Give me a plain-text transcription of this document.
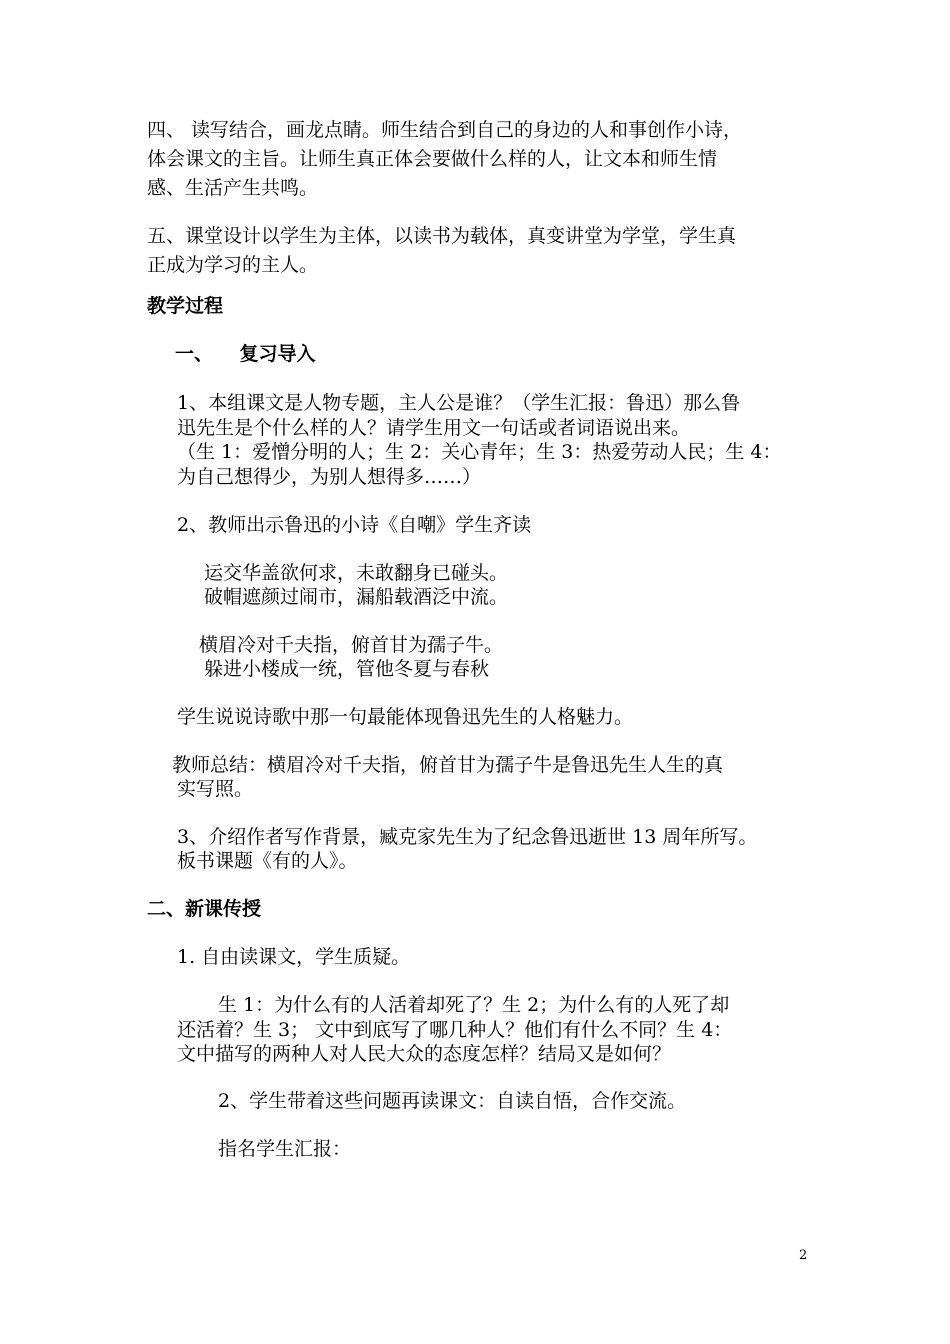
四、 读写结合，画龙点睛。师生结合到自己的身边的人和事创作小诗，

体会课文的主旨。让师生真正体会要做什么样的人，让文本和师生情

感、生活产生共鸣。

五、课堂设计以学生为主体，以读书为载体，真变讲堂为学堂，学生真

正成为学习的主人。

教学过程

一、    复习导入

1、本组课文是人物专题，主人公是谁？（学生汇报：鲁迅）那么鲁

迅先生是个什么样的人？请学生用文一句话或者词语说出来。

（生 1：爱憎分明的人；生 2：关心青年；生 3：热爱劳动人民；生 4：

为自己想得少，为别人想得多……）

2、教师出示鲁迅的小诗《自嘲》学生齐读

运交华盖欲何求，未敢翻身已碰头。

破帽遮颜过闹市，漏船载酒泛中流。

横眉冷对千夫指，俯首甘为孺子牛。

躲进小楼成一统，管他冬夏与春秋

学生说说诗歌中那一句最能体现鲁迅先生的人格魅力。

教师总结：横眉冷对千夫指，俯首甘为孺子牛是鲁迅先生人生的真

实写照。

3、介绍作者写作背景，臧克家先生为了纪念鲁迅逝世 13 周年所写。

板书课题《有的人》。

二、新课传授

1. 自由读课文，学生质疑。

生 1：为什么有的人活着却死了？生 2；为什么有的人死了却

还活着？生 3； 文中到底写了哪几种人？他们有什么不同？生 4：

文中描写的两种人对人民大众的态度怎样？结局又是如何？

2、学生带着这些问题再读课文：自读自悟，合作交流。

指名学生汇报：

2
